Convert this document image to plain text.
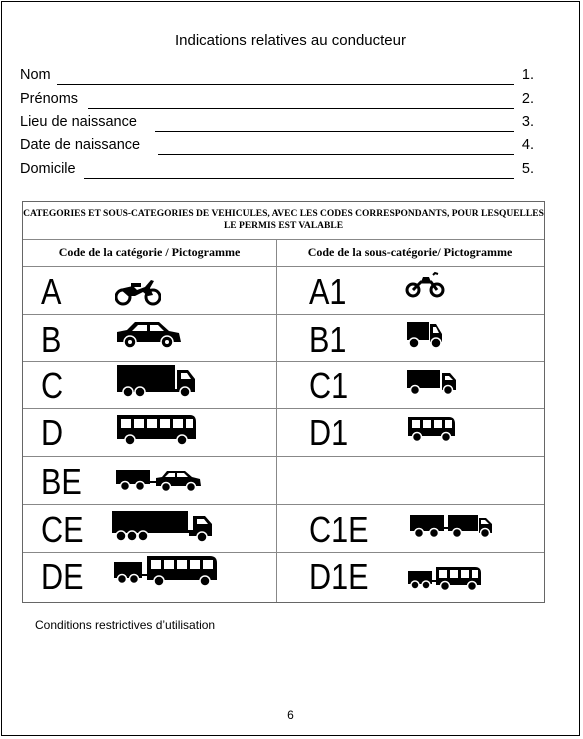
Indications relatives au conducteur
Nom	1.
Prénoms	2.
Lieu de naissance	3.
Date de naissance	4.
Domicile	5.
CATEGORIES ET SOUS-CATEGORIES DE VEHICULES, AVEC LES CODES CORRESPONDANTS, POUR LESQUELLES LE PERMIS EST VALABLE
Code de la catégorie / Pictogramme	Code de la sous-catégorie/ Pictogramme
A	A1
B	B1
C	C1
D	D1
BE
CE	C1E
DE	D1E
Conditions restrictives d’utilisation
6
